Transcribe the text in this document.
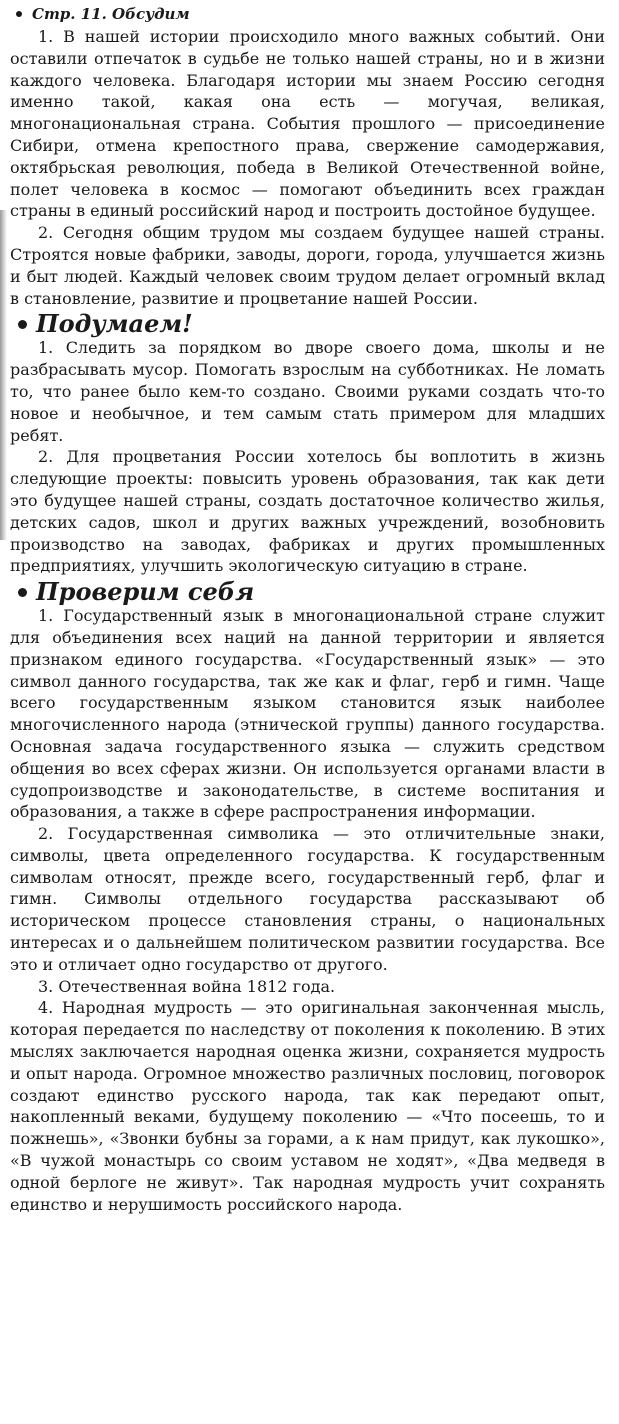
Стр. 11. Обсудим

1. В нашей истории происходило много важных событий. Они оставили отпечаток в судьбе не только нашей страны, но и в жизни каждого человека. Благодаря истории мы знаем Россию сегодня именно такой, какая она есть — могучая, великая, многонациональная страна. События прошлого — присоединение Сибири, отмена крепостного права, свержение самодержавия, октябрьская революция, победа в Великой Отечественной войне, полет человека в космос — помогают объединить всех граждан страны в единый российский народ и построить достойное будущее.

2. Сегодня общим трудом мы создаем будущее нашей страны. Строятся новые фабрики, заводы, дороги, города, улучшается жизнь и быт людей. Каждый человек своим трудом делает огромный вклад в становление, развитие и процветание нашей России.

Подумаем!

1. Следить за порядком во дворе своего дома, школы и не разбрасывать мусор. Помогать взрослым на субботниках. Не ломать то, что ранее было кем-то создано. Своими руками создать что-то новое и необычное, и тем самым стать примером для младших ребят.

2. Для процветания России хотелось бы воплотить в жизнь следующие проекты: повысить уровень образования, так как дети это будущее нашей страны, создать достаточное количество жилья, детских садов, школ и других важных учреждений, возобновить производство на заводах, фабриках и других промышленных предприятиях, улучшить экологическую ситуацию в стране.

Проверим себя

1. Государственный язык в многонациональной стране служит для объединения всех наций на данной территории и является признаком единого государства. «Государственный язык» — это символ данного государства, так же как и флаг, герб и гимн. Чаще всего государственным языком становится язык наиболее многочисленного народа (этнической группы) данного государства. Основная задача государственного языка — служить средством общения во всех сферах жизни. Он используется органами власти в судопроизводстве и законодательстве, в системе воспитания и образования, а также в сфере распространения информации.

2. Государственная символика — это отличительные знаки, символы, цвета определенного государства. К государственным символам относят, прежде всего, государственный герб, флаг и гимн. Символы отдельного государства рассказывают об историческом процессе становления страны, о национальных интересах и о дальнейшем политическом развитии государства. Все это и отличает одно государство от другого.

3. Отечественная война 1812 года.

4. Народная мудрость — это оригинальная законченная мысль, которая передается по наследству от поколения к поколению. В этих мыслях заключается народная оценка жизни, сохраняется мудрость и опыт народа. Огромное множество различных пословиц, поговорок создают единство русского народа, так как передают опыт, накопленный веками, будущему поколению — «Что посеешь, то и пожнешь», «Звонки бубны за горами, а к нам придут, как лукошко», «В чужой монастырь со своим уставом не ходят», «Два медведя в одной берлоге не живут». Так народная мудрость учит сохранять единство и нерушимость российского народа.
